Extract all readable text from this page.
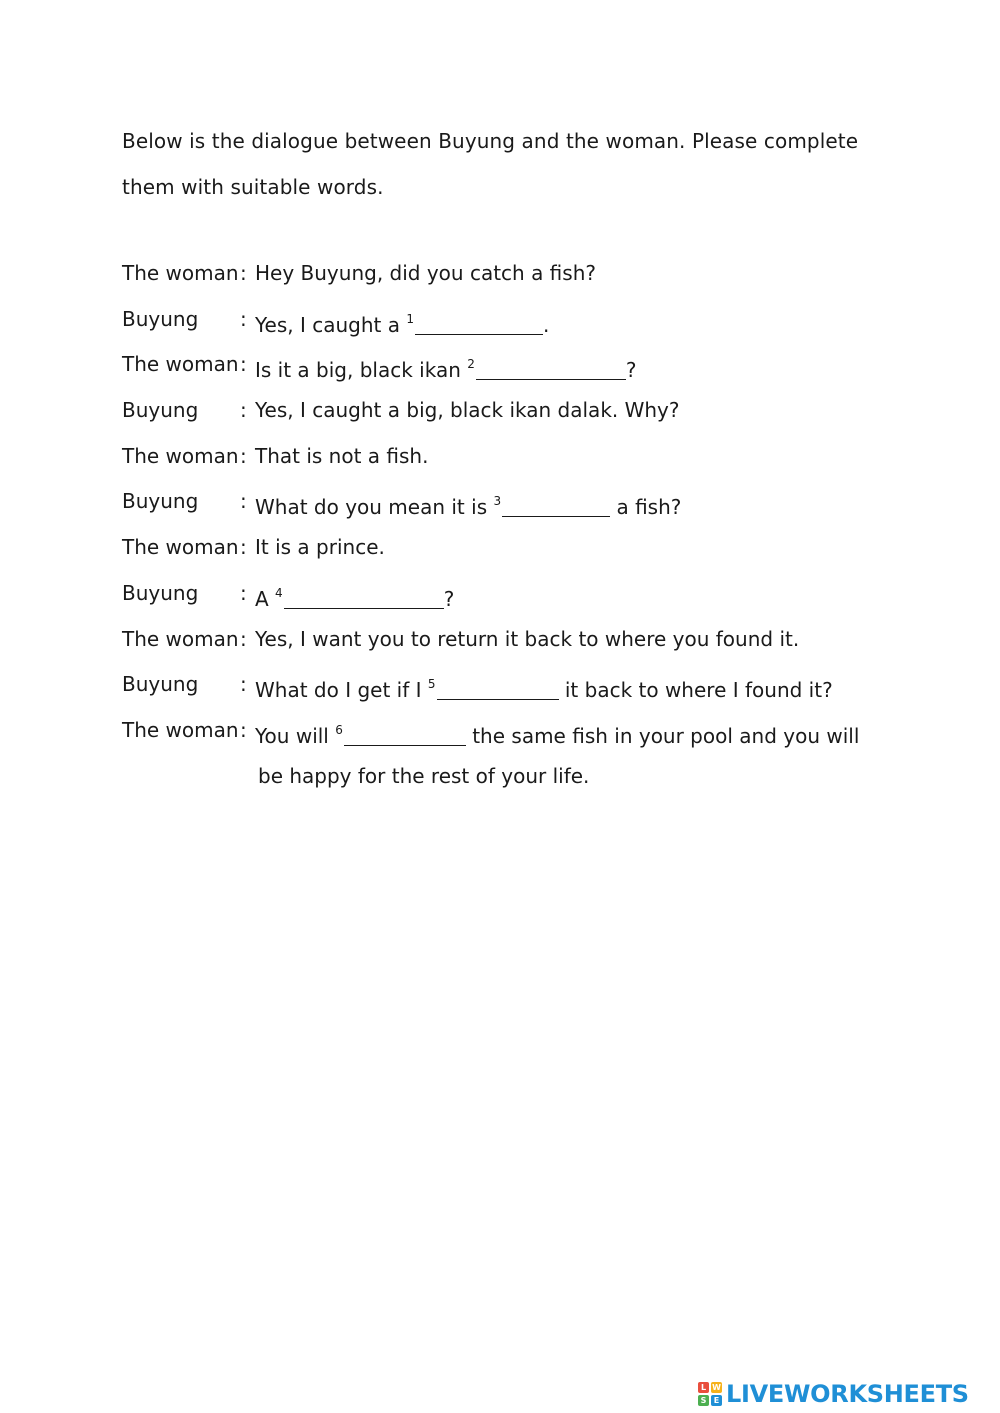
Below is the dialogue between Buyung and the woman. Please complete

them with suitable words.

The woman : Hey Buyung, did you catch a fish?
Buyung : Yes, I caught a $^1$	.
The woman : Is it a big, black ikan $^2$	?
Buyung : Yes, I caught a big, black ikan dalak. Why?
The woman : That is not a fish.
Buyung : What do you mean it is $^3$	a fish?
The woman : It is a prince.
Buyung : A $^4$	?
The woman : Yes, I want you to return it back to where you found it.
Buyung : What do I get if I $^5$	it back to where I found it?
The woman : You will $^6$	the same fish in your pool and you will
be happy for the rest of your life.
L W
S E LIVEWORKSHEETS
